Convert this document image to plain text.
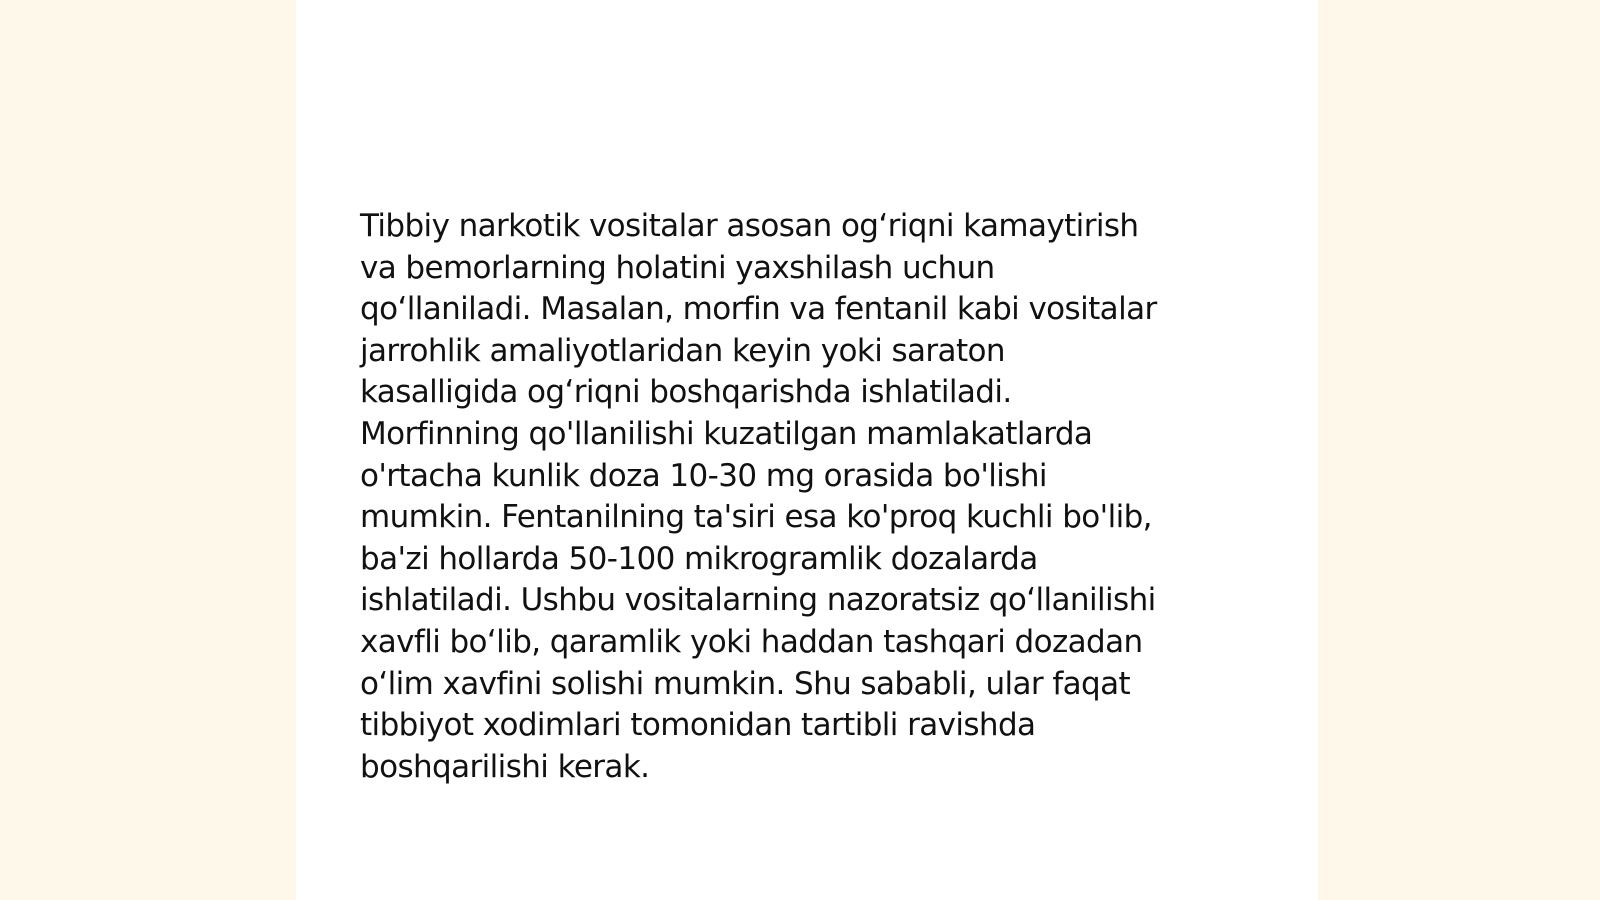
Tibbiy narkotik vositalar asosan og‘riqni kamaytirish
va bemorlarning holatini yaxshilash uchun
qo‘llaniladi. Masalan, morfin va fentanil kabi vositalar
jarrohlik amaliyotlaridan keyin yoki saraton
kasalligida og‘riqni boshqarishda ishlatiladi.
Morfinning qo'llanilishi kuzatilgan mamlakatlarda
o'rtacha kunlik doza 10-30 mg orasida bo'lishi
mumkin. Fentanilning ta'siri esa ko'proq kuchli bo'lib,
ba'zi hollarda 50-100 mikrogramlik dozalarda
ishlatiladi. Ushbu vositalarning nazoratsiz qo‘llanilishi
xavfli bo‘lib, qaramlik yoki haddan tashqari dozadan
o‘lim xavfini solishi mumkin. Shu sababli, ular faqat
tibbiyot xodimlari tomonidan tartibli ravishda
boshqarilishi kerak.
